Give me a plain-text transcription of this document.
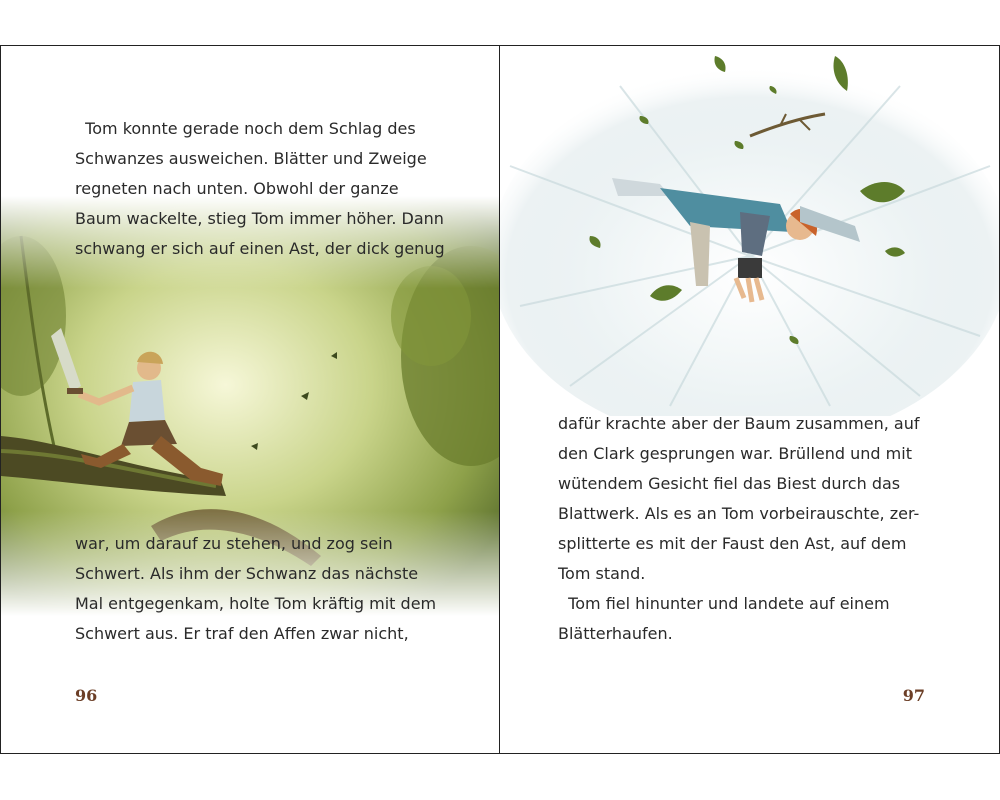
Tom konnte gerade noch dem Schlag des
Schwanzes ausweichen. Blätter und Zweige
regneten nach unten. Obwohl der ganze
Baum wackelte, stieg Tom immer höher. Dann
schwang er sich auf einen Ast, der dick genug
war, um darauf zu stehen, und zog sein
Schwert. Als ihm der Schwanz das nächste
Mal entgegenkam, holte Tom kräftig mit dem
Schwert aus. Er traf den Affen zwar nicht,
96
dafür krachte aber der Baum zusammen, auf
den Clark gesprungen war. Brüllend und mit
wütendem Gesicht fiel das Biest durch das
Blattwerk. Als es an Tom vorbeirauschte, zer-
splitterte es mit der Faust den Ast, auf dem
Tom stand.
Tom fiel hinunter und landete auf einem
Blätterhaufen.
97
